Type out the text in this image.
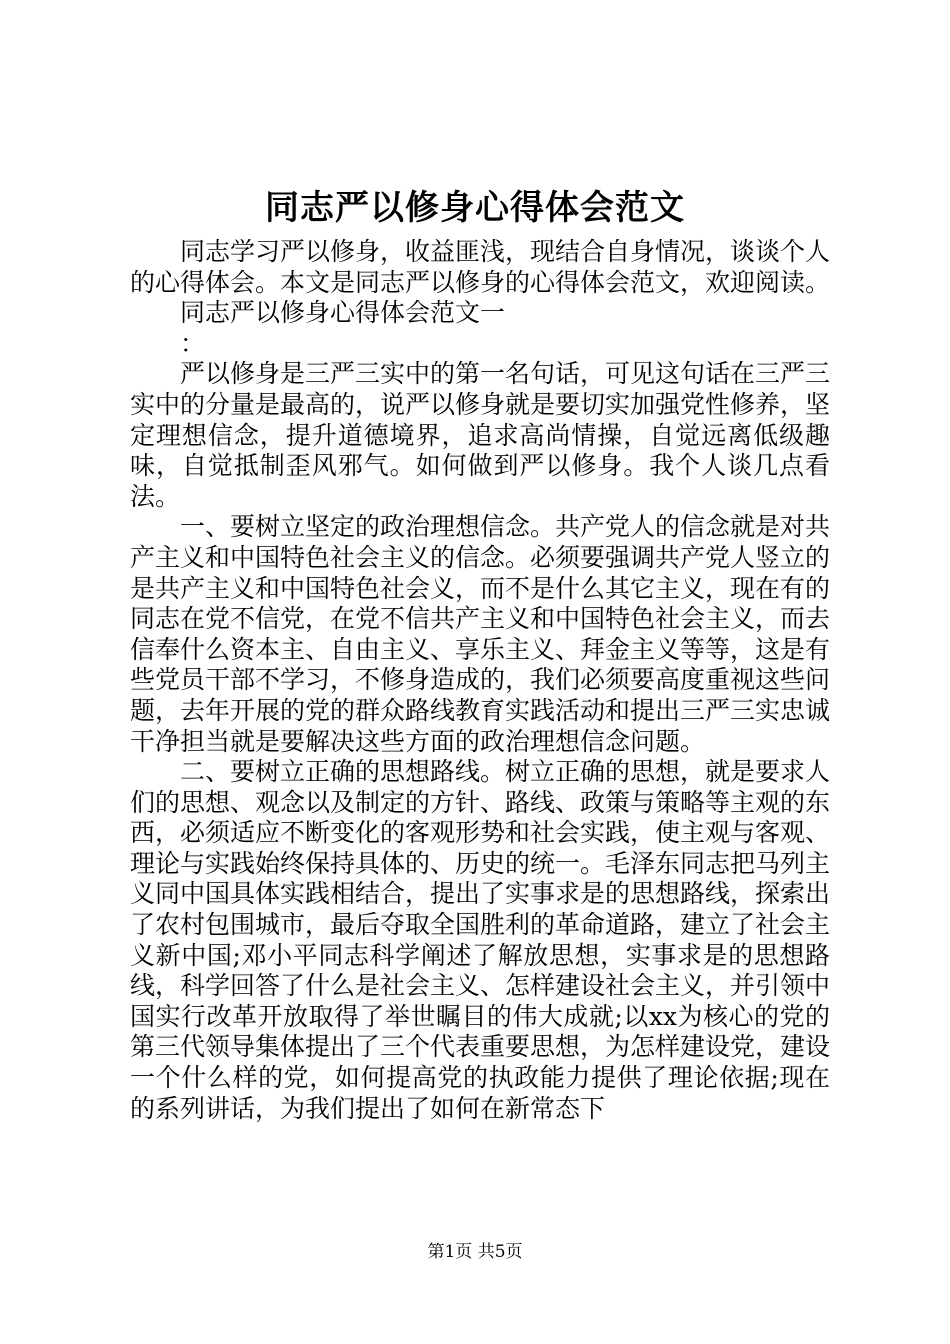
同志严以修身心得体会范文

同志学习严以修身，收益匪浅，现结合自身情况，谈谈个人的心得体会。本文是同志严以修身的心得体会范文，欢迎阅读。

同志严以修身心得体会范文一

：

严以修身是三严三实中的第一名句话，可见这句话在三严三实中的分量是最高的，说严以修身就是要切实加强党性修养，坚定理想信念，提升道德境界，追求高尚情操，自觉远离低级趣味，自觉抵制歪风邪气。如何做到严以修身。我个人谈几点看法。

一、要树立坚定的政治理想信念。共产党人的信念就是对共产主义和中国特色社会主义的信念。必须要强调共产党人竖立的是共产主义和中国特色社会义，而不是什么其它主义，现在有的同志在党不信党，在党不信共产主义和中国特色社会主义，而去信奉什么资本主、自由主义、享乐主义、拜金主义等等，这是有些党员干部不学习，不修身造成的，我们必须要高度重视这些问题，去年开展的党的群众路线教育实践活动和提出三严三实忠诚干净担当就是要解决这些方面的政治理想信念问题。

二、要树立正确的思想路线。树立正确的思想，就是要求人们的思想、观念以及制定的方针、路线、政策与策略等主观的东西，必须适应不断变化的客观形势和社会实践，使主观与客观、理论与实践始终保持具体的、历史的统一。毛泽东同志把马列主义同中国具体实践相结合，提出了实事求是的思想路线，探索出了农村包围城市，最后夺取全国胜利的革命道路，建立了社会主义新中国;邓小平同志科学阐述了解放思想，实事求是的思想路线，科学回答了什么是社会主义、怎样建设社会主义，并引领中国实行改革开放取得了举世瞩目的伟大成就;以xx为核心的党的第三代领导集体提出了三个代表重要思想，为怎样建设党，建设一个什么样的党，如何提高党的执政能力提供了理论依据;现在的系列讲话，为我们提出了如何在新常态下

第1页 共5页
